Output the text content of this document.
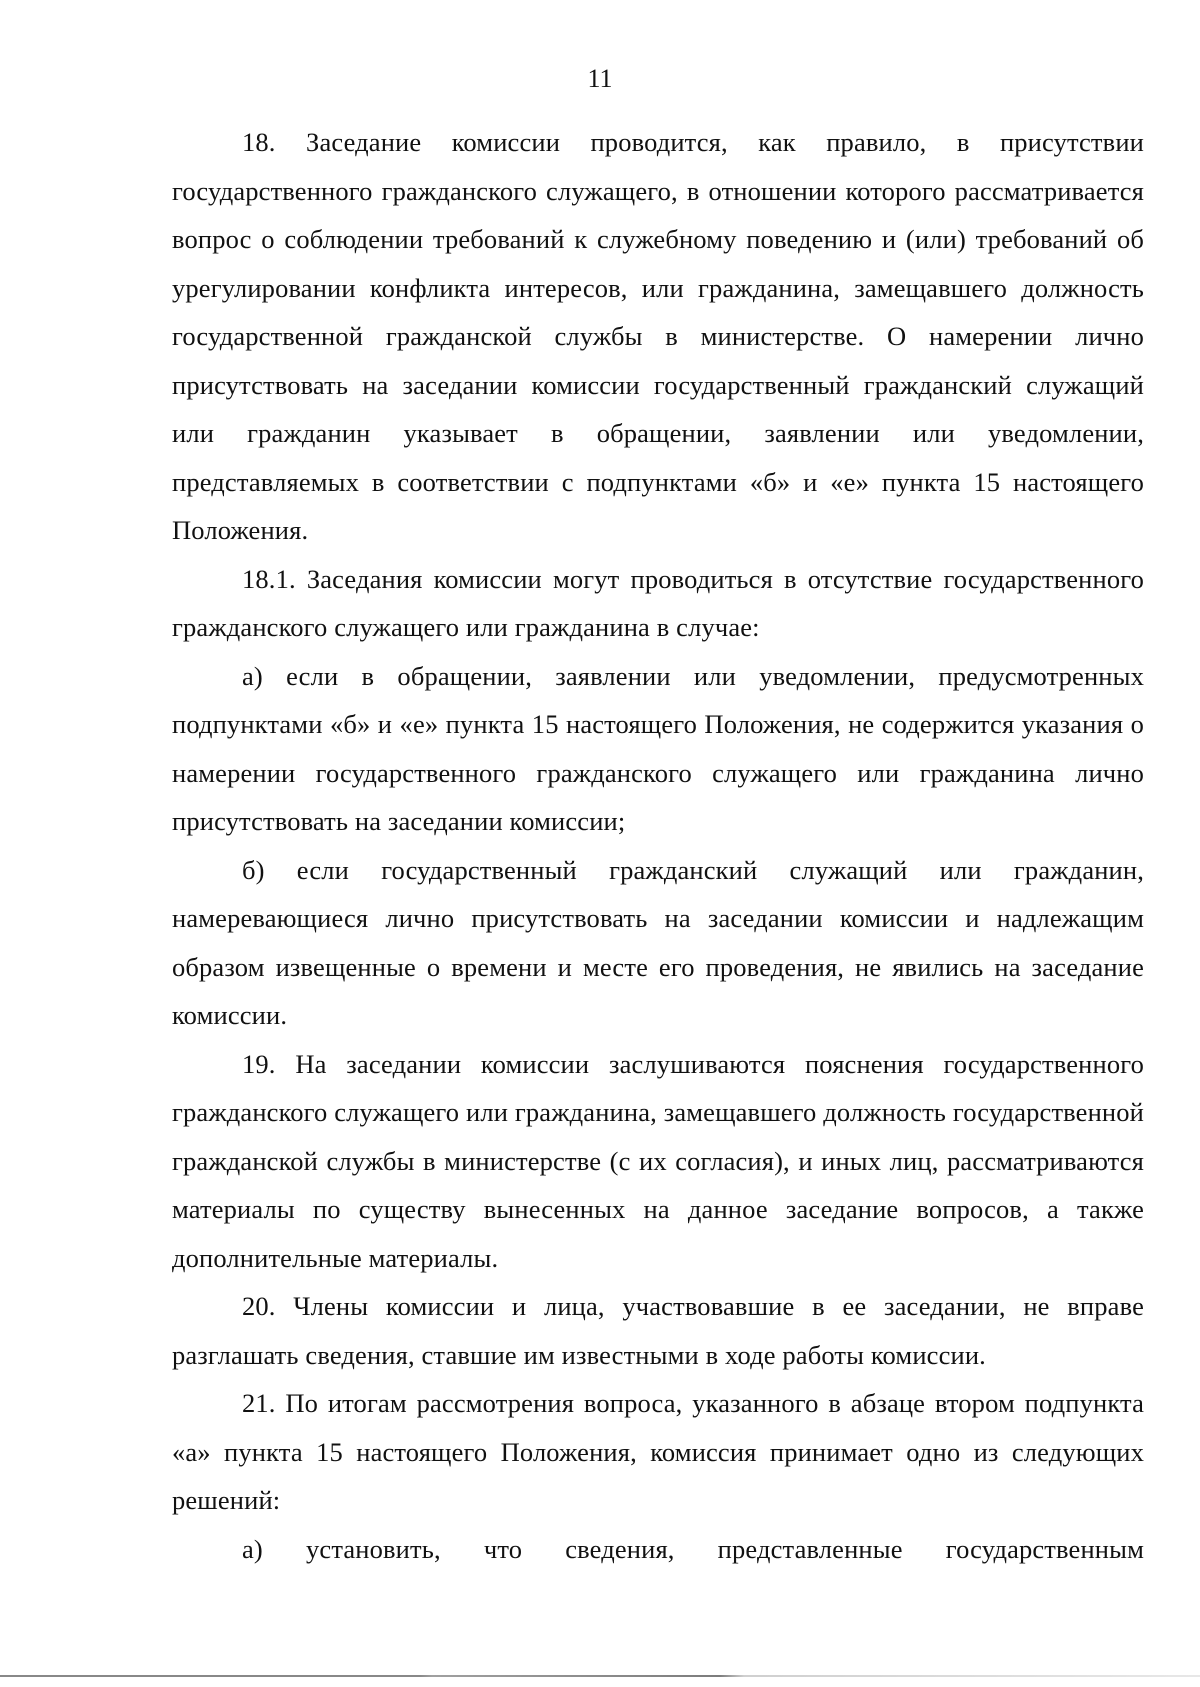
11

18. Заседание комиссии проводится, как правило, в присутствии государственного гражданского служащего, в отношении которого рассматривается вопрос о соблюдении требований к служебному поведению и (или) требований об урегулировании конфликта интересов, или гражданина, замещавшего должность государственной гражданской службы в министерстве. О намерении лично присутствовать на заседании комиссии государственный гражданский служащий или гражданин указывает в обращении, заявлении или уведомлении, представляемых в соответствии с подпунктами «б» и «е» пункта 15 настоящего Положения.

18.1. Заседания комиссии могут проводиться в отсутствие государственного гражданского служащего или гражданина в случае:

а) если в обращении, заявлении или уведомлении, предусмотренных подпунктами «б» и «е» пункта 15 настоящего Положения, не содержится указания о намерении государственного гражданского служащего или гражданина лично присутствовать на заседании комиссии;

б) если государственный гражданский служащий или гражданин, намеревающиеся лично присутствовать на заседании комиссии и надлежащим образом извещенные о времени и месте его проведения, не явились на заседание комиссии.

19. На заседании комиссии заслушиваются пояснения государственного гражданского служащего или гражданина, замещавшего должность государственной гражданской службы в министерстве (с их согласия), и иных лиц, рассматриваются материалы по существу вынесенных на данное заседание вопросов, а также дополнительные материалы.

20. Члены комиссии и лица, участвовавшие в ее заседании, не вправе разглашать сведения, ставшие им известными в ходе работы комиссии.

21. По итогам рассмотрения вопроса, указанного в абзаце втором подпункта «а» пункта 15 настоящего Положения, комиссия принимает одно из следующих решений:

а) установить, что сведения, представленные государственным
